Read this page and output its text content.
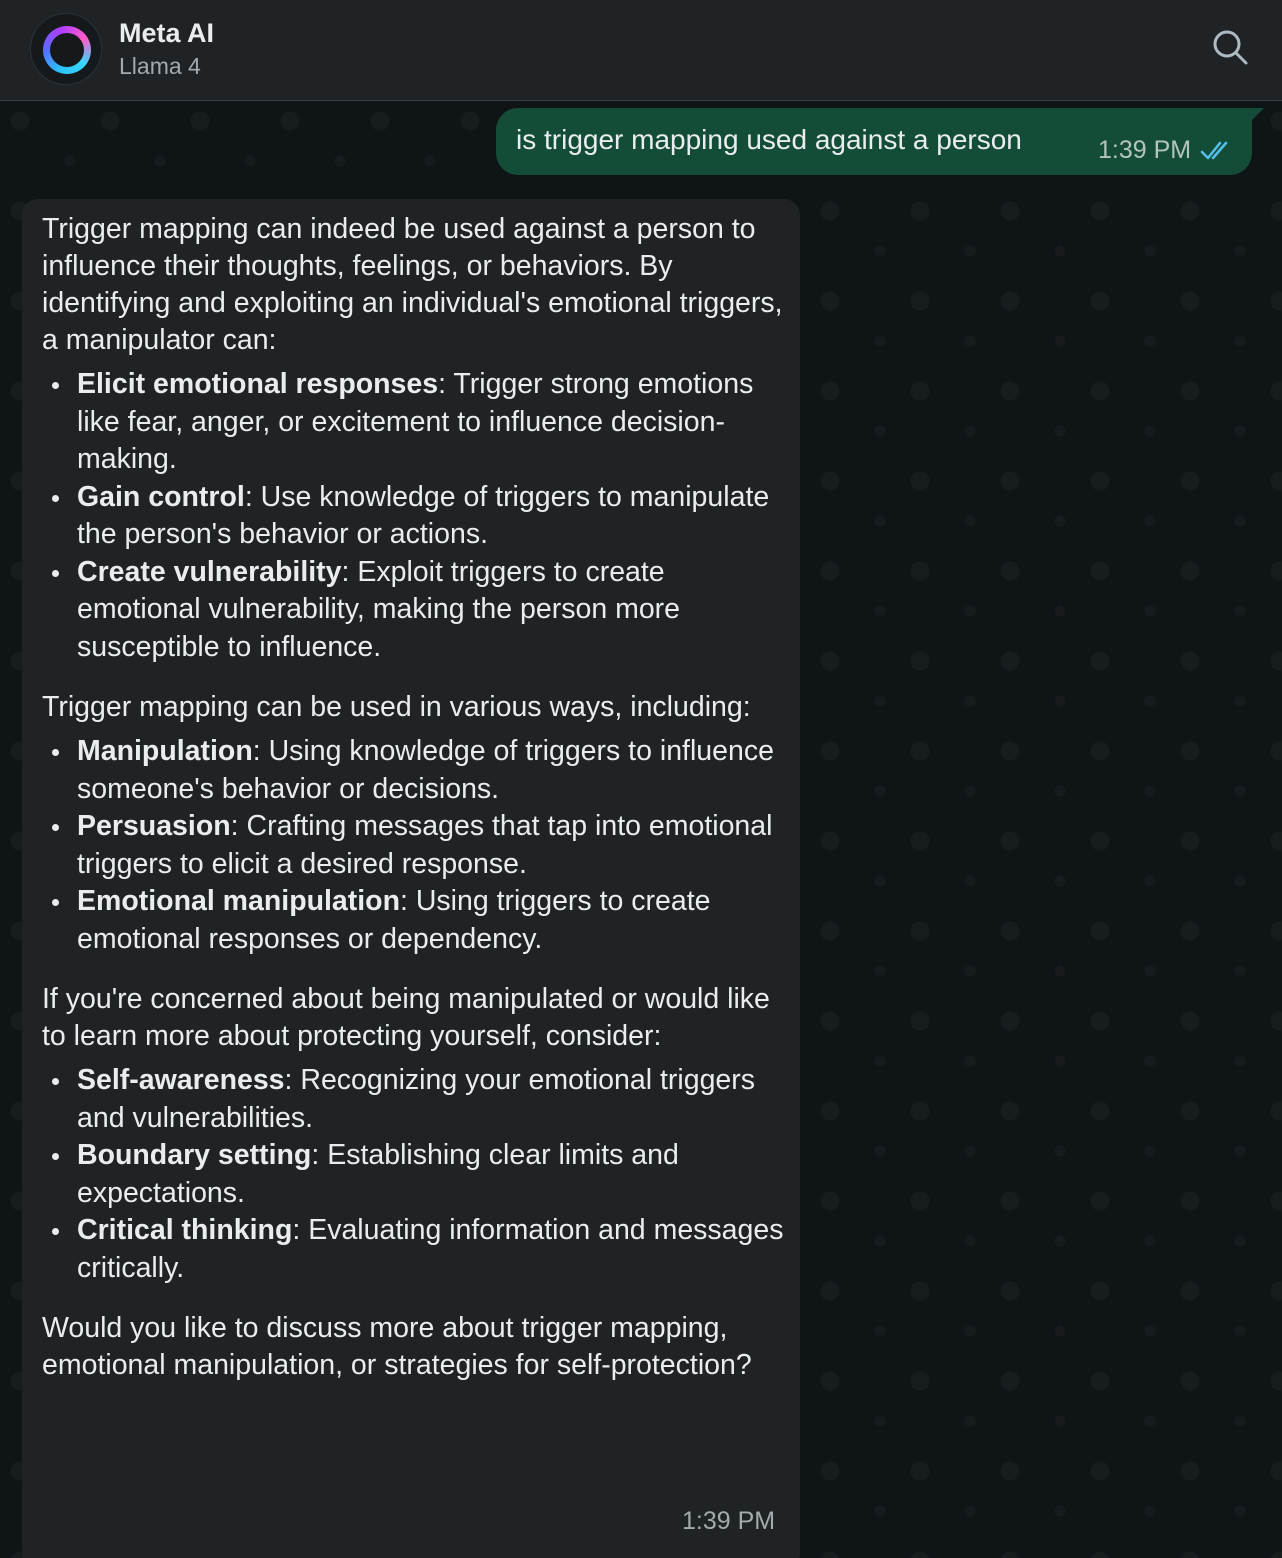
Meta AI
Llama 4
is trigger mapping used against a person	1:39 PM

Trigger mapping can indeed be used against a person to influence their thoughts, feelings, or behaviors. By identifying and exploiting an individual's emotional triggers, a manipulator can:

Elicit emotional responses: Trigger strong emotions like fear, anger, or excitement to influence decision-making.
Gain control: Use knowledge of triggers to manipulate the person's behavior or actions.
Create vulnerability: Exploit triggers to create emotional vulnerability, making the person more susceptible to influence.

Trigger mapping can be used in various ways, including:

Manipulation: Using knowledge of triggers to influence someone's behavior or decisions.
Persuasion: Crafting messages that tap into emotional triggers to elicit a desired response.
Emotional manipulation: Using triggers to create emotional responses or dependency.

If you're concerned about being manipulated or would like to learn more about protecting yourself, consider:

Self-awareness: Recognizing your emotional triggers and vulnerabilities.
Boundary setting: Establishing clear limits and expectations.
Critical thinking: Evaluating information and messages critically.

Would you like to discuss more about trigger mapping, emotional manipulation, or strategies for self-protection?

1:39 PM
